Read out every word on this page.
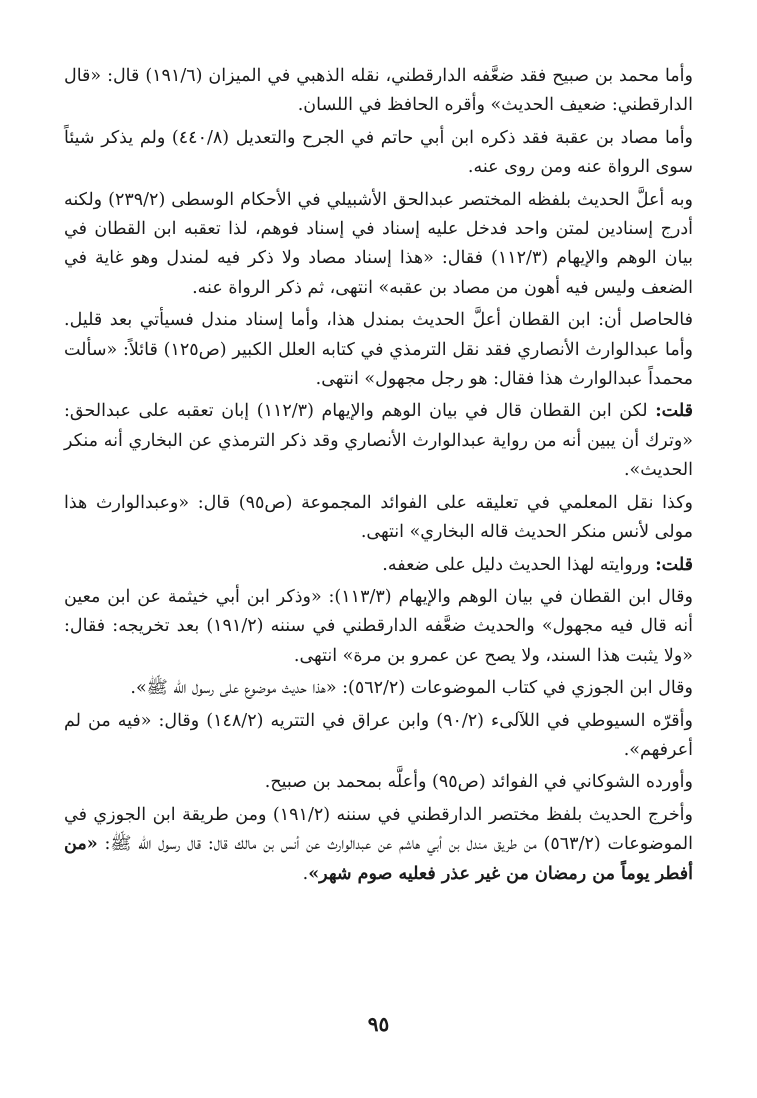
وأما محمد بن صبيح فقد ضعَّفه الدارقطني، نقله الذهبي في الميزان (١٩١/٦) قال: «قال الدارقطني: ضعيف الحديث» وأقره الحافظ في اللسان.

وأما مصاد بن عقبة فقد ذكره ابن أبي حاتم في الجرح والتعديل (٤٤٠/٨) ولم يذكر شيئاً سوى الرواة عنه ومن روى عنه.

وبه أعلَّ الحديث بلفظه المختصر عبدالحق الأشبيلي في الأحكام الوسطى (٢٣٩/٢) ولكنه أدرج إسنادين لمتن واحد فدخل عليه إسناد في إسناد فوهم، لذا تعقبه ابن القطان في بيان الوهم والإيهام (١١٢/٣) فقال: «هذا إسناد مصاد ولا ذكر فيه لمندل وهو غاية في الضعف وليس فيه أهون من مصاد بن عقبه» انتهى، ثم ذكر الرواة عنه.

فالحاصل أن: ابن القطان أعلَّ الحديث بمندل هذا، وأما إسناد مندل فسيأتي بعد قليل. وأما عبدالوارث الأنصاري فقد نقل الترمذي في كتابه العلل الكبير (ص١٢٥) قائلاً: «سألت محمداً عبدالوارث هذا فقال: هو رجل مجهول» انتهى.

قلت: لكن ابن القطان قال في بيان الوهم والإيهام (١١٢/٣) إبان تعقبه على عبدالحق: «وترك أن يبين أنه من رواية عبدالوارث الأنصاري وقد ذكر الترمذي عن البخاري أنه منكر الحديث».

وكذا نقل المعلمي في تعليقه على الفوائد المجموعة (ص٩٥) قال: «وعبدالوارث هذا مولى لأنس منكر الحديث قاله البخاري» انتهى.

قلت: وروايته لهذا الحديث دليل على ضعفه.

وقال ابن القطان في بيان الوهم والإيهام (١١٣/٣): «وذكر ابن أبي خيثمة عن ابن معين أنه قال فيه مجهول» والحديث ضعَّفه الدارقطني في سننه (١٩١/٢) بعد تخريجه: فقال: «ولا يثبت هذا السند، ولا يصح عن عمرو بن مرة» انتهى.

وقال ابن الجوزي في كتاب الموضوعات (٥٦٢/٢): «هذا حديث موضوع على رسول الله ﷺ».

وأقرّه السيوطي في اللآلىء (٩٠/٢) وابن عراق في التتريه (١٤٨/٢) وقال: «فيه من لم أعرفهم».

وأورده الشوكاني في الفوائد (ص٩٥) وأعلَّه بمحمد بن صبيح.

وأخرج الحديث بلفظ مختصر الدارقطني في سننه (١٩١/٢) ومن طريقة ابن الجوزي في الموضوعات (٥٦٣/٢) من طريق مندل بن أبي هاشم عن عبدالوارث عن أنس بن مالك قال: قال رسول الله ﷺ: «من أفطر يوماً من رمضان من غير عذر فعليه صوم شهر».

٩٥
